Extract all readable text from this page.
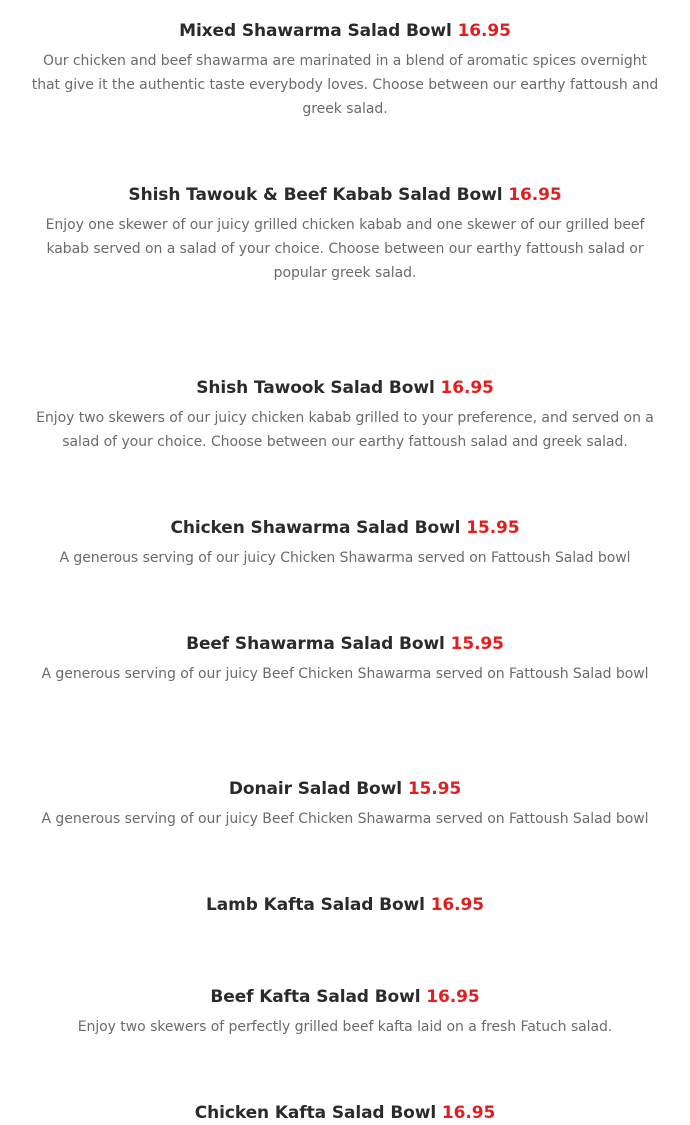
Mixed Shawarma Salad Bowl 16.95

Our chicken and beef shawarma are marinated in a blend of aromatic spices overnight that give it the authentic taste everybody loves. Choose between our earthy fattoush and greek salad.

Shish Tawouk & Beef Kabab Salad Bowl 16.95

Enjoy one skewer of our juicy grilled chicken kabab and one skewer of our grilled beef kabab served on a salad of your choice. Choose between our earthy fattoush salad or popular greek salad.

Shish Tawook Salad Bowl 16.95

Enjoy two skewers of our juicy chicken kabab grilled to your preference, and served on a salad of your choice. Choose between our earthy fattoush salad and greek salad.

Chicken Shawarma Salad Bowl 15.95

A generous serving of our juicy Chicken Shawarma served on Fattoush Salad bowl

Beef Shawarma Salad Bowl 15.95

A generous serving of our juicy Beef Chicken Shawarma served on Fattoush Salad bowl

Donair Salad Bowl 15.95

A generous serving of our juicy Beef Chicken Shawarma served on Fattoush Salad bowl

Lamb Kafta Salad Bowl 16.95
Beef Kafta Salad Bowl 16.95

Enjoy two skewers of perfectly grilled beef kafta laid on a fresh Fatuch salad.

Chicken Kafta Salad Bowl 16.95
